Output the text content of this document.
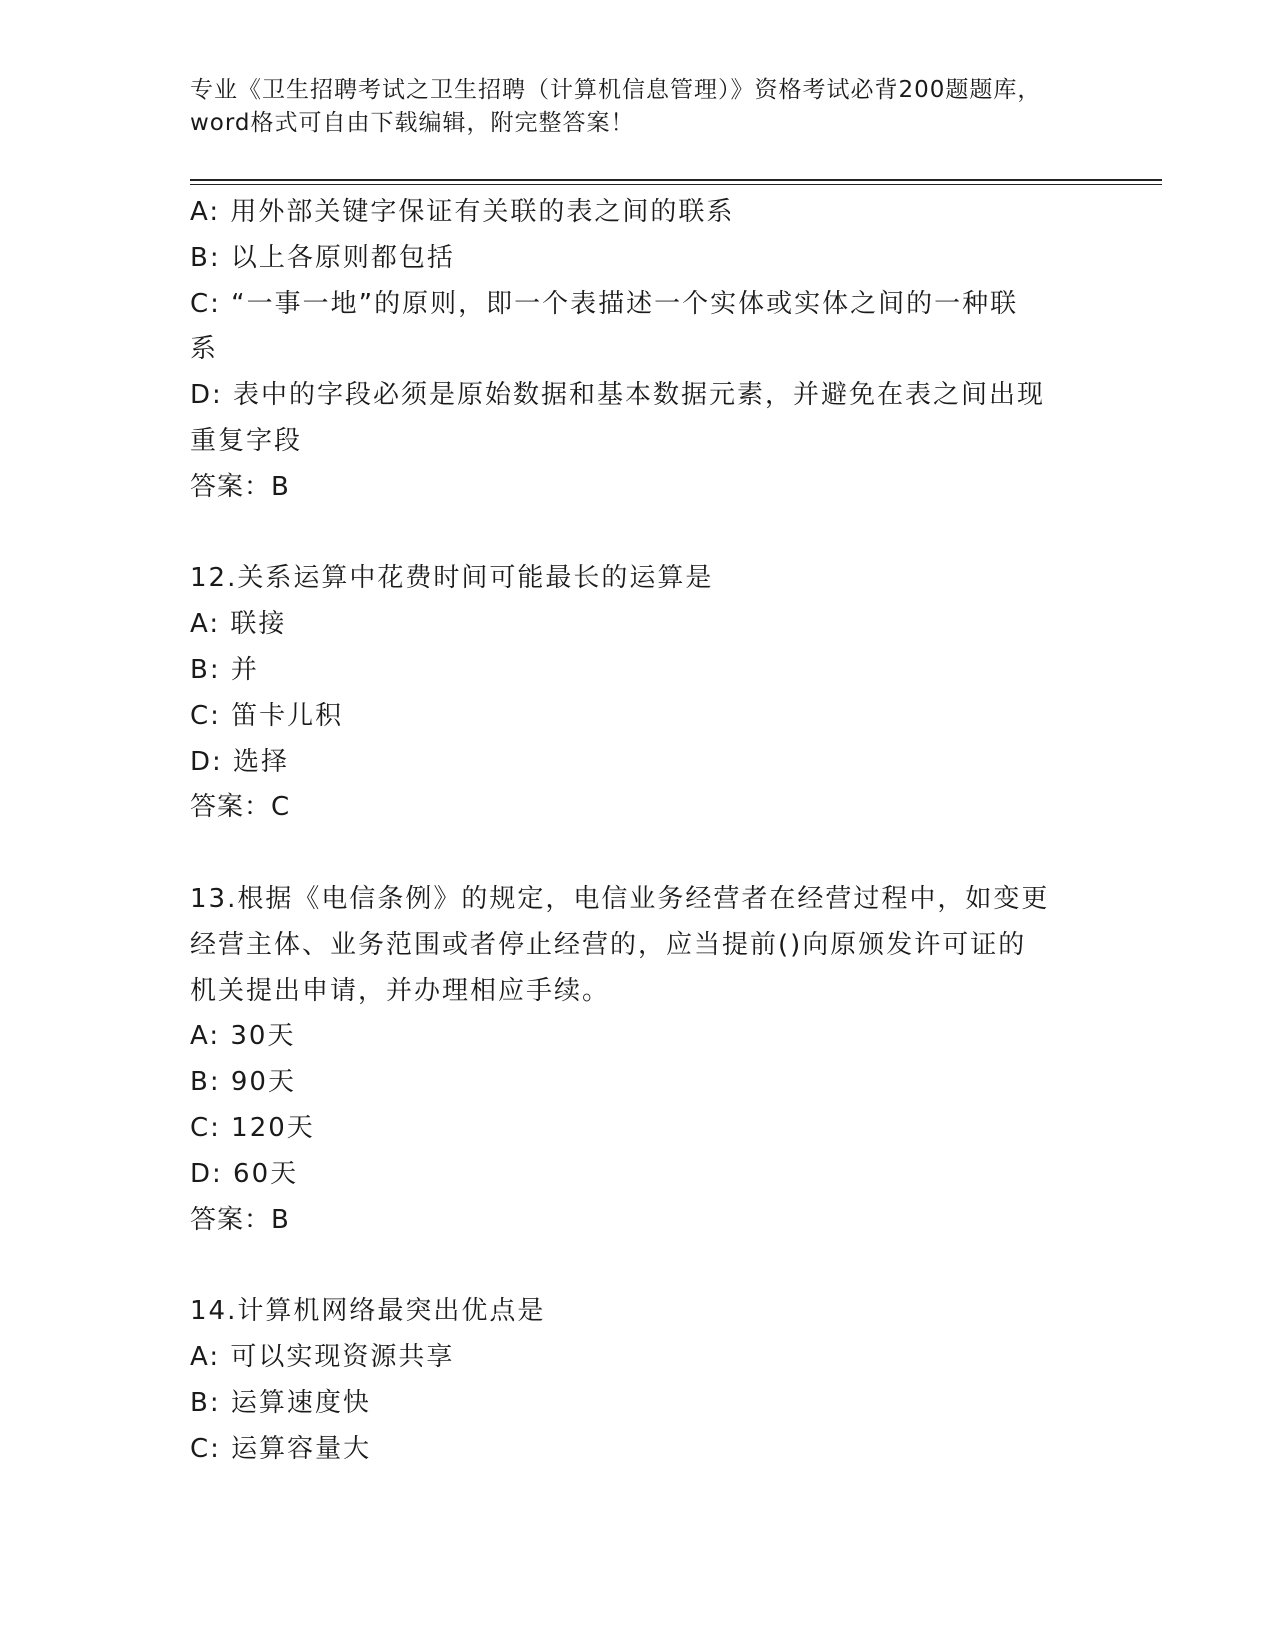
专业《卫生招聘考试之卫生招聘（计算机信息管理）》资格考试必背200题题库，
word格式可自由下载编辑，附完整答案！
A: 用外部关键字保证有关联的表之间的联系
B: 以上各原则都包括
C: “一事一地”的原则，即一个表描述一个实体或实体之间的一种联
系
D: 表中的字段必须是原始数据和基本数据元素，并避免在表之间出现
重复字段
答案：B
12.关系运算中花费时间可能最长的运算是
A: 联接
B: 并
C: 笛卡儿积
D: 选择
答案：C
13.根据《电信条例》的规定，电信业务经营者在经营过程中，如变更
经营主体、业务范围或者停止经营的，应当提前()向原颁发许可证的
机关提出申请，并办理相应手续。
A: 30天
B: 90天
C: 120天
D: 60天
答案：B
14.计算机网络最突出优点是
A: 可以实现资源共享
B: 运算速度快
C: 运算容量大
